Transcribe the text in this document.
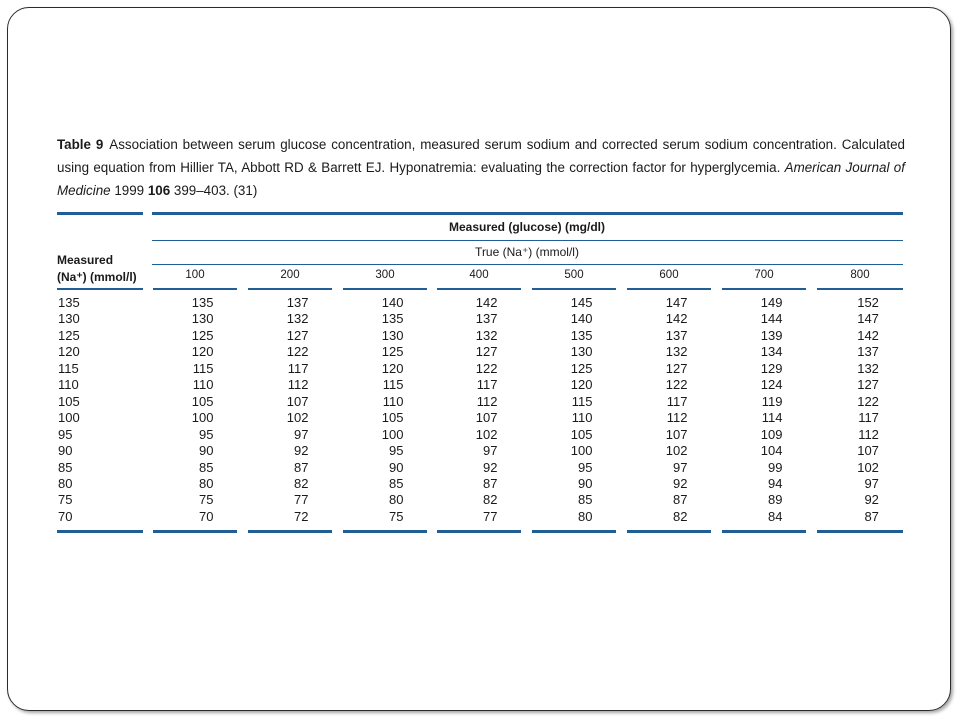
Table 9 Association between serum glucose concentration, measured serum sodium and corrected serum sodium concentration. Calculated using equation from Hillier TA, Abbott RD & Barrett EJ. Hyponatremia: evaluating the correction factor for hyperglycemia. American Journal of Medicine 1999 106 399–403. (31)

Measured (glucose) (mg/dl)
True (Na⁺) (mmol/l)
Measured
(Na⁺) (mmol/l)	100	200	300	400	500	600	700	800
135	135	137	140	142	145	147	149	152
130	130	132	135	137	140	142	144	147
125	125	127	130	132	135	137	139	142
120	120	122	125	127	130	132	134	137
115	115	117	120	122	125	127	129	132
110	110	112	115	117	120	122	124	127
105	105	107	110	112	115	117	119	122
100	100	102	105	107	110	112	114	117
95	95	97	100	102	105	107	109	112
90	90	92	95	97	100	102	104	107
85	85	87	90	92	95	97	99	102
80	80	82	85	87	90	92	94	97
75	75	77	80	82	85	87	89	92
70	70	72	75	77	80	82	84	87
